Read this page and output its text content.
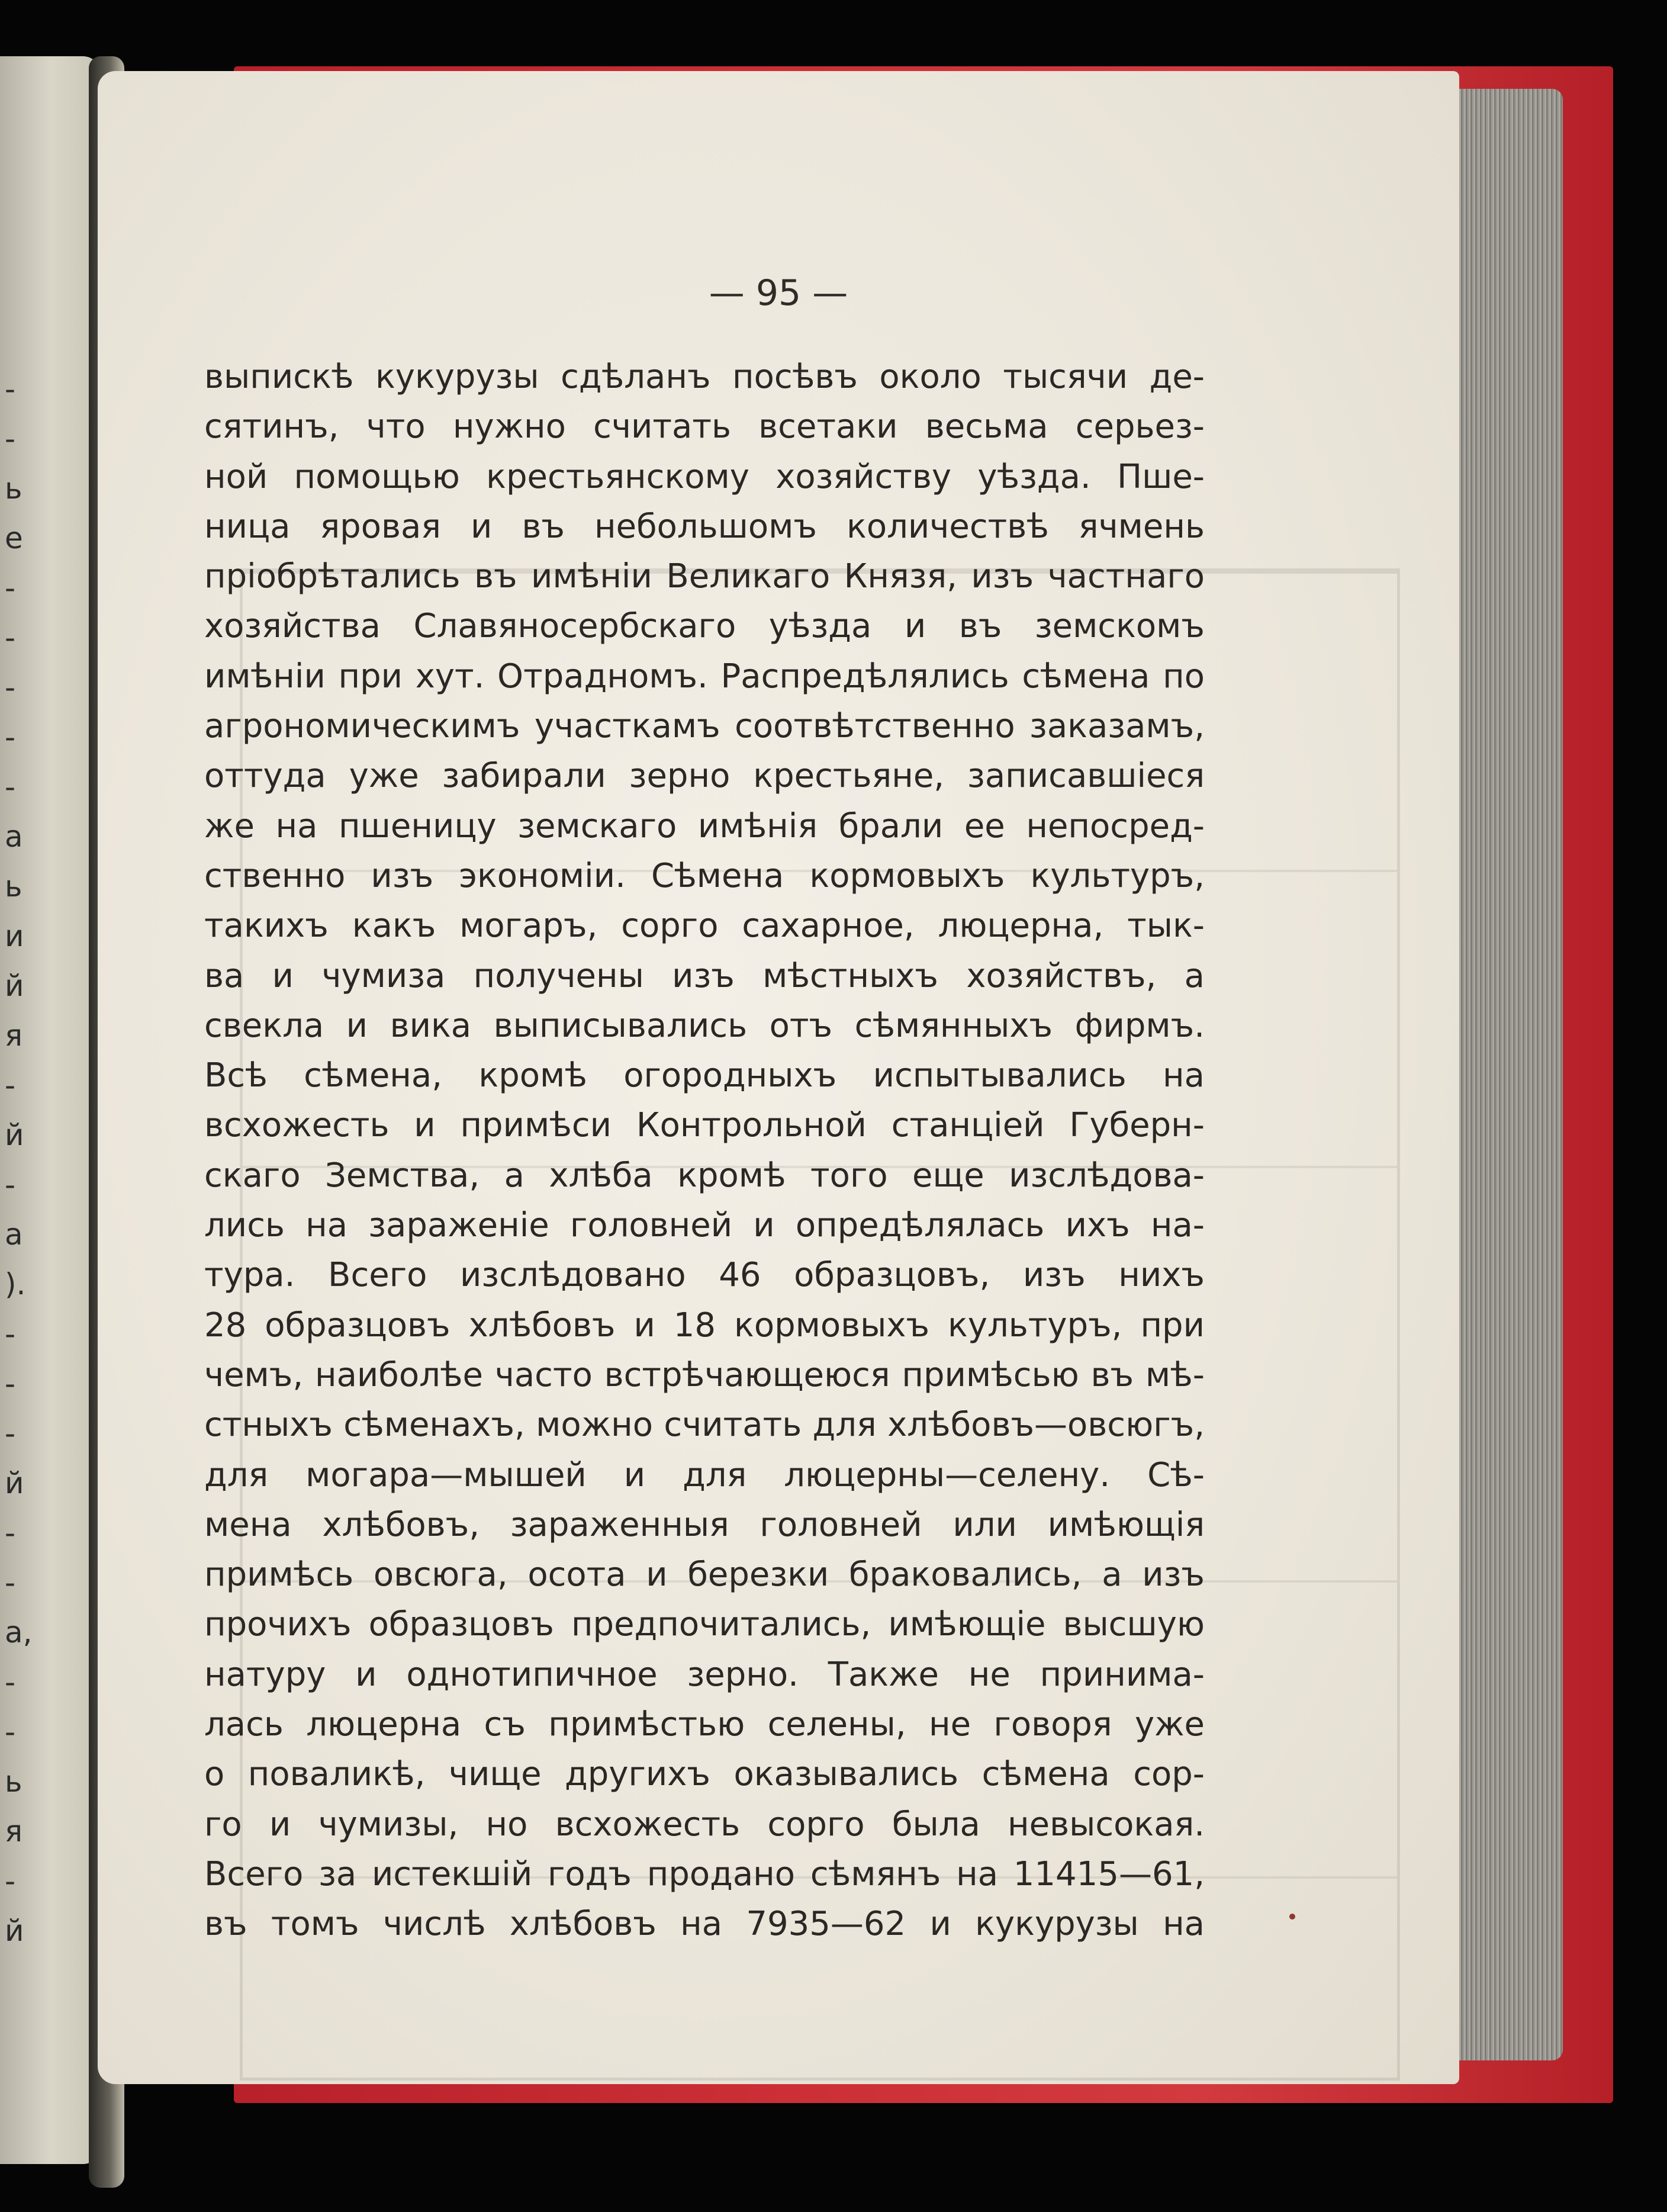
-
-
ь
е
-
-
-
-
-
а
ь
и
й
я
-
й
-
а
).
-
-
-
й
-
-
а,
-
-
ь
я
-
й
— 95 —
выпискѣ кукурузы сдѣланъ посѣвъ около тысячи де-
сятинъ, что нужно считать всетаки весьма серьез-
ной помощью крестьянскому хозяйству уѣзда. Пше-
ница яровая и въ небольшомъ количествѣ ячмень
пріобрѣтались въ имѣніи Великаго Князя, изъ частнаго
хозяйства Славяносербскаго уѣзда и въ земскомъ
имѣніи при хут. Отрадномъ. Распредѣлялись сѣмена по
агрономическимъ участкамъ соотвѣтственно заказамъ,
оттуда уже забирали зерно крестьяне, записавшіеся
же на пшеницу земскаго имѣнія брали ее непосред-
ственно изъ экономіи. Сѣмена кормовыхъ культуръ,
такихъ какъ могаръ, сорго сахарное, люцерна, тык-
ва и чумиза получены изъ мѣстныхъ хозяйствъ, а
свекла и вика выписывались отъ сѣмянныхъ фирмъ.
Всѣ сѣмена, кромѣ огородныхъ испытывались на
всхожесть и примѣси Контрольной станціей Губерн-
скаго Земства, а хлѣба кромѣ того еще изслѣдова-
лись на зараженіе головней и опредѣлялась ихъ на-
тура. Всего изслѣдовано 46 образцовъ, изъ нихъ
28 образцовъ хлѣбовъ и 18 кормовыхъ культуръ, при
чемъ, наиболѣе часто встрѣчающеюся примѣсью въ мѣ-
стныхъ сѣменахъ, можно считать для хлѣбовъ—овсюгъ,
для могара—мышей и для люцерны—селену. Сѣ-
мена хлѣбовъ, зараженныя головней или имѣющія
примѣсь овсюга, осота и березки браковались, а изъ
прочихъ образцовъ предпочитались, имѣющіе высшую
натуру и однотипичное зерно. Также не принима-
лась люцерна съ примѣстью селены, не говоря уже
о поваликѣ, чище другихъ оказывались сѣмена сор-
го и чумизы, но всхожесть сорго была невысокая.
Всего за истекшій годъ продано сѣмянъ на 11415—61,
въ томъ числѣ хлѣбовъ на 7935—62 и кукурузы на
